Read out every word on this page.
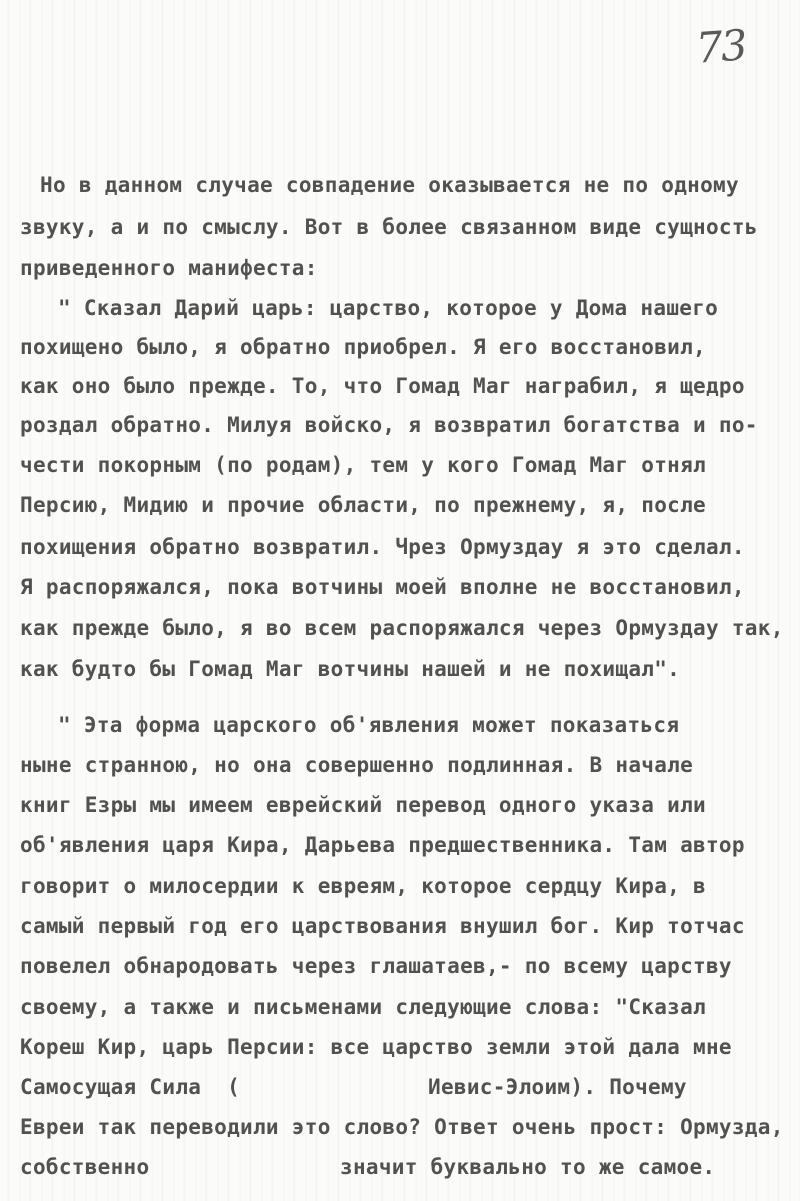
73
Но в данном случае совпадение оказывается не по одному
звуку, а и по смыслу. Вот в более связанном виде сущность
приведенного манифеста:
" Сказал Дарий царь: царство, которое у Дома нашего
похищено было, я обратно приобрел. Я его восстановил,
как оно было прежде. То, что Гомад Маг награбил, я щедро
роздал обратно. Милуя войско, я возвратил богатства и по-
чести покорным (по родам), тем у кого Гомад Маг отнял
Персию, Мидию и прочие области, по прежнему, я, после
похищения обратно возвратил. Чрез Ормуздау я это сделал.
Я распоряжался, пока вотчины моей вполне не восстановил,
как прежде было, я во всем распоряжался через Ормуздау так,
как будто бы Гомад Маг вотчины нашей и не похищал".
" Эта форма царского об'явления может показаться
ныне странною, но она совершенно подлинная. В начале
книг Езры мы имеем еврейский перевод одного указа или
об'явления царя Кира, Дарьева предшественника. Там автор
говорит о милосердии к евреям, которое сердцу Кира, в
самый первый год его царствования внушил бог. Кир тотчас
повелел обнародовать через глашатаев,- по всему царству
своему, а также и письменами следующие слова: "Сказал
Кореш Кир, царь Персии: все царство земли этой дала мне
Самосущая Сила  (	Иевис-Элоим). Почему
Евреи так переводили это слово? Ответ очень прост: Ормузда,
собственно	значит буквально то же самое.
